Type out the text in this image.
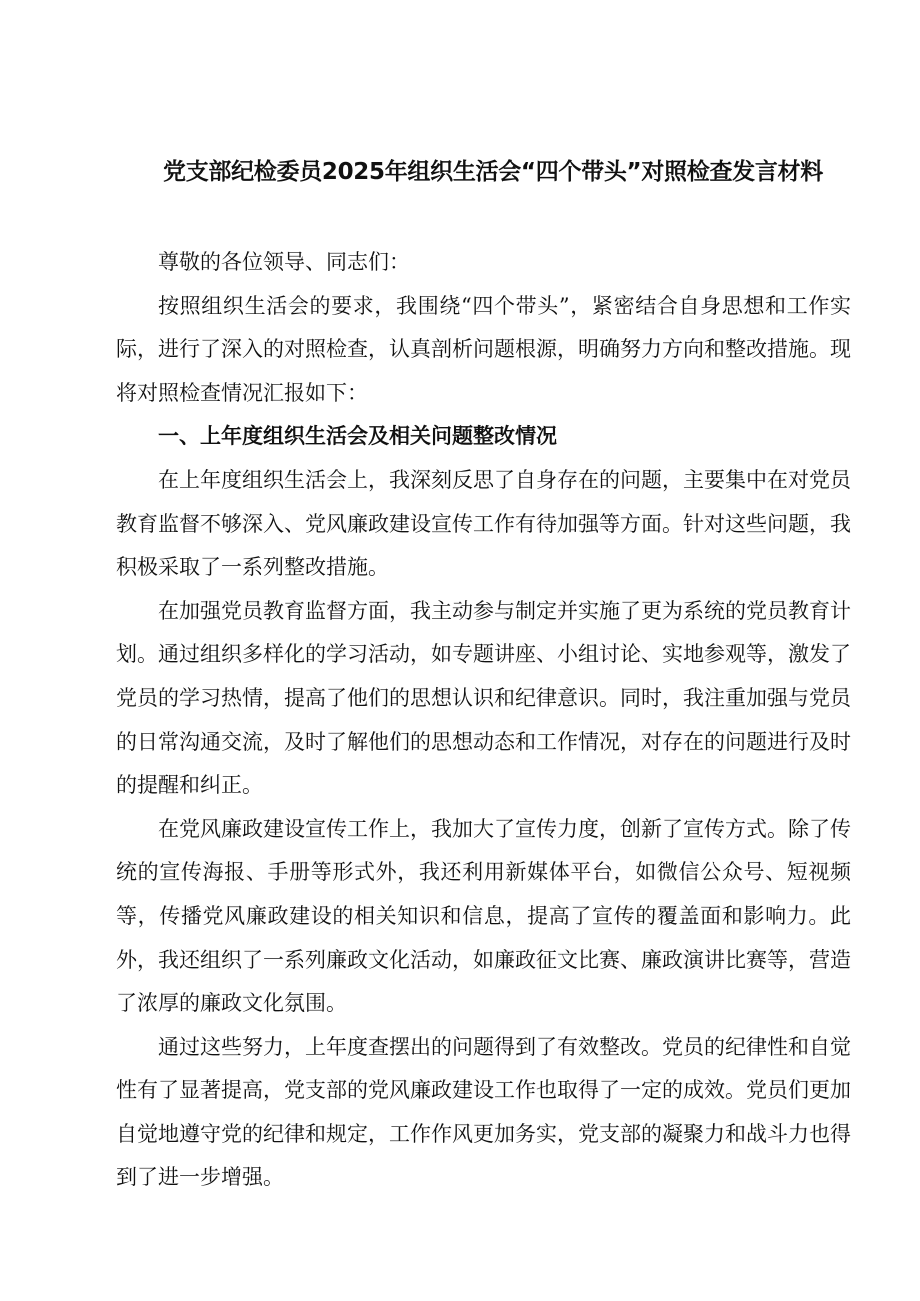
党支部纪检委员2025年组织生活会“四个带头”对照检查发言材料

尊敬的各位领导、同志们：

按照组织生活会的要求，我围绕“四个带头”，紧密结合自身思想和工作实际，进行了深入的对照检查，认真剖析问题根源，明确努力方向和整改措施。现将对照检查情况汇报如下：

一、上年度组织生活会及相关问题整改情况

在上年度组织生活会上，我深刻反思了自身存在的问题，主要集中在对党员教育监督不够深入、党风廉政建设宣传工作有待加强等方面。针对这些问题，我积极采取了一系列整改措施。

在加强党员教育监督方面，我主动参与制定并实施了更为系统的党员教育计划。通过组织多样化的学习活动，如专题讲座、小组讨论、实地参观等，激发了党员的学习热情，提高了他们的思想认识和纪律意识。同时，我注重加强与党员的日常沟通交流，及时了解他们的思想动态和工作情况，对存在的问题进行及时的提醒和纠正。

在党风廉政建设宣传工作上，我加大了宣传力度，创新了宣传方式。除了传统的宣传海报、手册等形式外，我还利用新媒体平台，如微信公众号、短视频等，传播党风廉政建设的相关知识和信息，提高了宣传的覆盖面和影响力。此外，我还组织了一系列廉政文化活动，如廉政征文比赛、廉政演讲比赛等，营造了浓厚的廉政文化氛围。

通过这些努力，上年度查摆出的问题得到了有效整改。党员的纪律性和自觉性有了显著提高，党支部的党风廉政建设工作也取得了一定的成效。党员们更加自觉地遵守党的纪律和规定，工作作风更加务实，党支部的凝聚力和战斗力也得到了进一步增强。
